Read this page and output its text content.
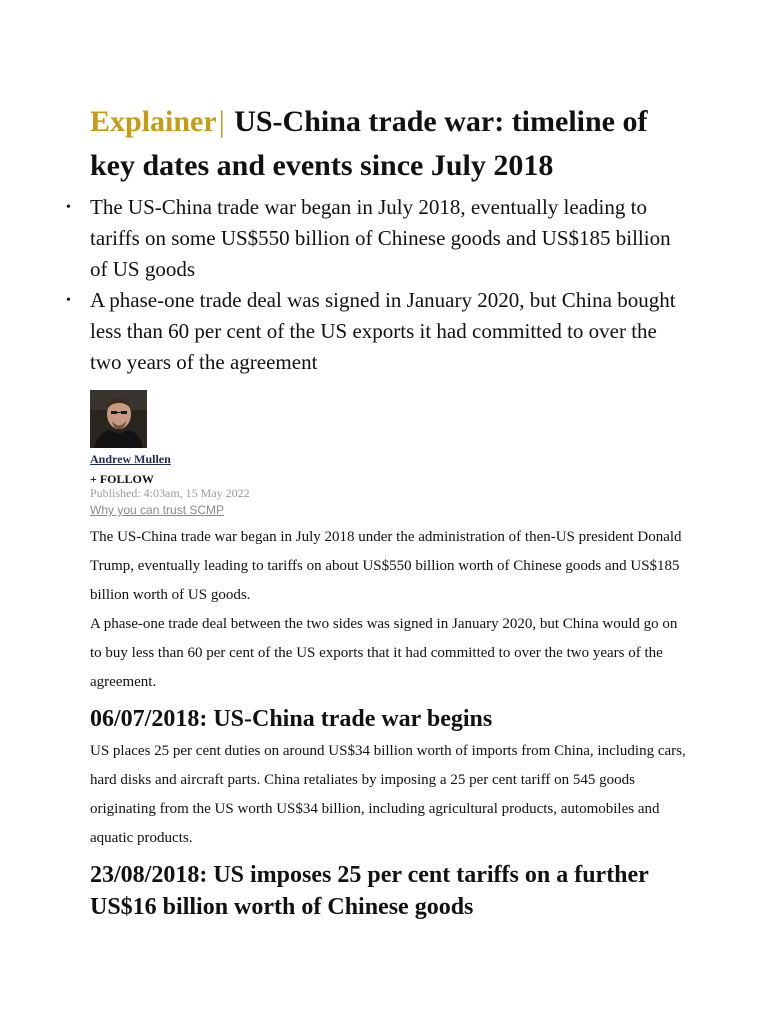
Explainer| US-China trade war: timeline of key dates and events since July 2018
• The US-China trade war began in July 2018, eventually leading to tariffs on some US$550 billion of Chinese goods and US$185 billion of US goods
• A phase-one trade deal was signed in January 2020, but China bought less than 60 per cent of the US exports it had committed to over the two years of the agreement
Andrew Mullen
+ FOLLOW
Published: 4:03am, 15 May 2022
Why you can trust SCMP

The US-China trade war began in July 2018 under the administration of then-US president Donald Trump, eventually leading to tariffs on about US$550 billion worth of Chinese goods and US$185 billion worth of US goods.

A phase-one trade deal between the two sides was signed in January 2020, but China would go on to buy less than 60 per cent of the US exports that it had committed to over the two years of the agreement.

06/07/2018: US-China trade war begins

US places 25 per cent duties on around US$34 billion worth of imports from China, including cars, hard disks and aircraft parts. China retaliates by imposing a 25 per cent tariff on 545 goods originating from the US worth US$34 billion, including agricultural products, automobiles and aquatic products.

23/08/2018: US imposes 25 per cent tariffs on a further US$16 billion worth of Chinese goods
